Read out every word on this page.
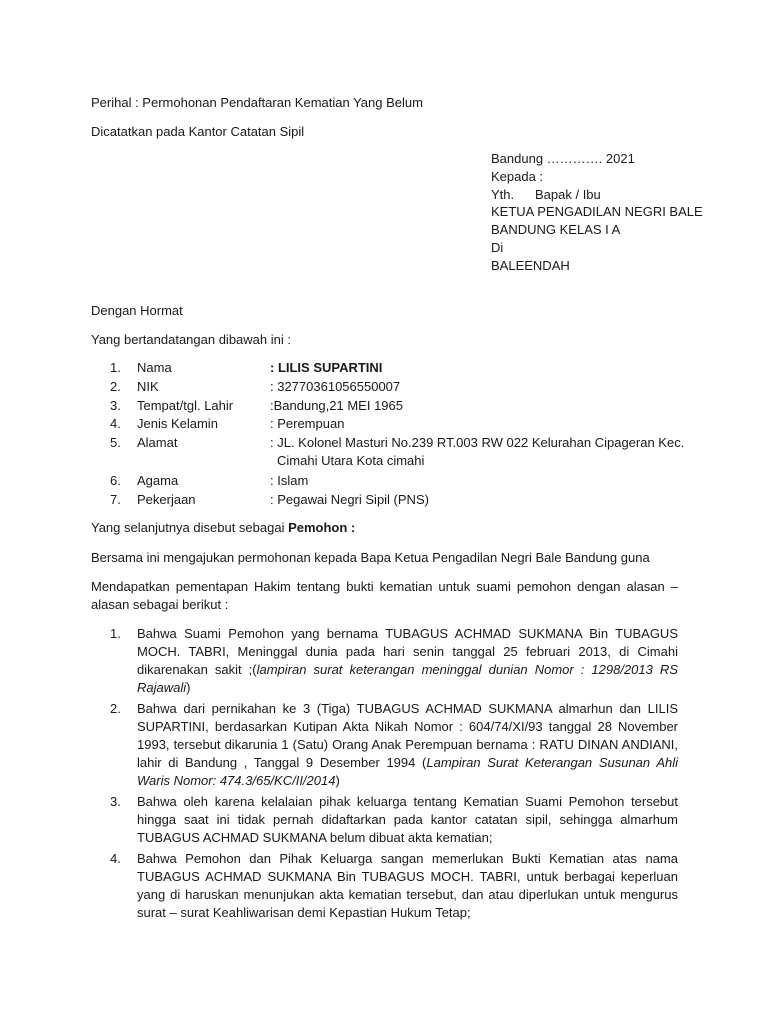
Perihal : Permohonan Pendaftaran Kematian Yang Belum
Dicatatkan pada Kantor Catatan Sipil
Bandung …………. 2021
Kepada :
Yth. Bapak / Ibu
KETUA PENGADILAN NEGRI BALE
BANDUNG KELAS I A
Di
BALEENDAH
Dengan Hormat
Yang bertandatangan dibawah ini :
1.	Nama	: LILIS SUPARTINI
2.	NIK	: 32770361056550007
3.	Tempat/tgl. Lahir	:Bandung,21 MEI 1965
4.	Jenis Kelamin	: Perempuan
5.	Alamat	: JL. Kolonel Masturi No.239 RT.003 RW 022 Kelurahan Cipageran Kec.
Cimahi Utara Kota cimahi
6.	Agama	: Islam
7.	Pekerjaan	: Pegawai Negri Sipil (PNS)
Yang selanjutnya disebut sebagai Pemohon :
Bersama ini mengajukan permohonan kepada Bapa Ketua Pengadilan Negri Bale Bandung guna
Mendapatkan pementapan Hakim tentang bukti kematian untuk suami pemohon dengan alasan – alasan sebagai berikut :
1. Bahwa Suami Pemohon yang bernama TUBAGUS ACHMAD SUKMANA Bin TUBAGUS MOCH. TABRI, Meninggal dunia pada hari senin tanggal 25 februari 2013, di Cimahi dikarenakan sakit ;(lampiran surat keterangan meninggal dunian Nomor : 1298/2013 RS Rajawali)
2. Bahwa dari pernikahan ke 3 (Tiga) TUBAGUS ACHMAD SUKMANA almarhun dan LILIS SUPARTINI, berdasarkan Kutipan Akta Nikah Nomor : 604/74/XI/93 tanggal 28 November 1993, tersebut dikarunia 1 (Satu) Orang Anak Perempuan bernama : RATU DINAN ANDIANI, lahir di Bandung , Tanggal 9 Desember 1994 (Lampiran Surat Keterangan Susunan Ahli Waris Nomor: 474.3/65/KC/II/2014)
3. Bahwa oleh karena kelalaian pihak keluarga tentang Kematian Suami Pemohon tersebut hingga saat ini tidak pernah didaftarkan pada kantor catatan sipil, sehingga almarhum TUBAGUS ACHMAD SUKMANA belum dibuat akta kematian;
4. Bahwa Pemohon dan Pihak Keluarga sangan memerlukan Bukti Kematian atas nama TUBAGUS ACHMAD SUKMANA Bin TUBAGUS MOCH. TABRI, untuk berbagai keperluan yang di haruskan menunjukan akta kematian tersebut, dan atau diperlukan untuk mengurus surat – surat Keahliwarisan demi Kepastian Hukum Tetap;
